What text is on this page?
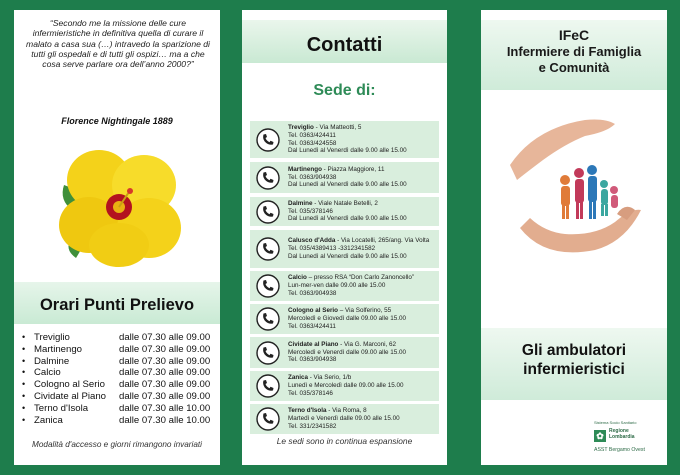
“Secondo me la missione delle cure infermieristiche in definitiva quella di curare il malato a casa sua (…) intravedo la sparizione di tutti gli ospedali e di tutti gli ospizi… ma a che cosa serve parlare ora dell’anno 2000?”
Florence Nightingale 1889
Orari Punti Prelievo
• Treviglio	dalle 07.30 alle 09.00
• Martinengo	dalle 07.30 alle 09.00
• Dalmine	dalle 07.30 alle 09.00
• Calcio	dalle 07.30 alle 09.00
• Cologno al Serio dalle 07.30 alle 09.00
• Cividate al Piano dalle 07.30 alle 09.00
• Terno d'Isola	dalle 07.30 alle 10.00
• Zanica	dalle 07.30 alle 10.00
Modalità d'accesso e giorni rimangono invariati
Contatti
Sede di:
Treviglio - Via Matteotti, 5
Tel. 0363/424411
Tel. 0363/424558
Dal Lunedì al Venerdì dalle 9.00 alle 15.00
Martinengo - Piazza Maggiore, 11
Tel. 0363/904938
Dal Lunedì al Venerdì dalle 9.00 alle 15.00
Dalmine - Viale Natale Betelli, 2
Tel. 035/378146
Dal Lunedì al Venerdì dalle 9.00 alle 15.00
Calusco d'Adda - Via Locatelli, 265/ang. Via Volta
Tel. 035/4389413 -3312341582
Dal Lunedì al Venerdì dalle 9.00 alle 15.00
Calcio – presso RSA “Don Carlo Zanoncello”
Lun-mer-ven dalle 09.00 alle 15.00
Tel. 0363/904938
Cologno al Serio – Via Solferino, 55
Mercoledì e Giovedì dalle 09.00 alle 15.00
Tel. 0363/424411
Cividate al Piano - Via G. Marconi, 62
Mercoledì e Venerdì dalle 09.00 alle 15.00
Tel. 0363/904938
Zanica - Via Serio, 1/b
Lunedì e Mercoledì dalle 09.00 alle 15.00
Tel. 035/378146
Terno d'Isola - Via Roma, 8
Martedì e Venerdì dalle 09.00 alle 15.00
Tel. 331/2341582
Le sedi sono in continua espansione
IFeC
Infermiere di Famiglia
e Comunità
Gli ambulatori
infermieristici
Sistema Socio Sanitario
✿	Regione
Lombardia
ASST Bergamo Ovest
